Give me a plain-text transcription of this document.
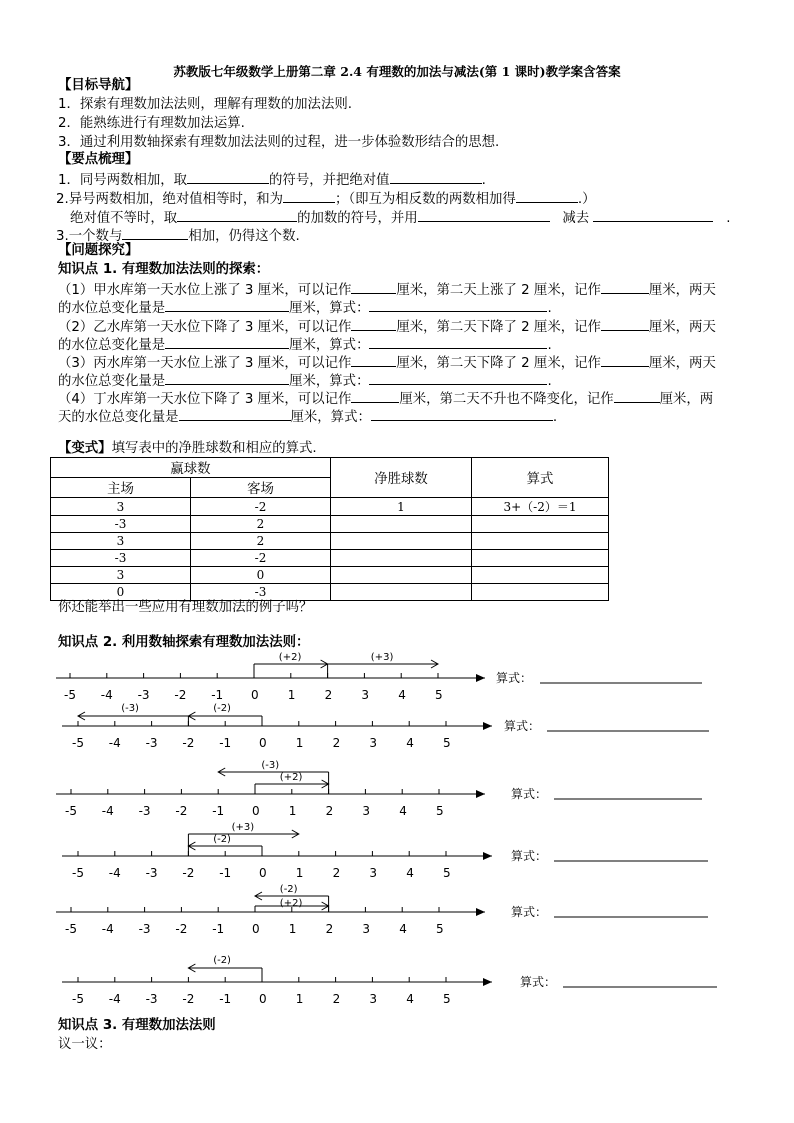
苏教版七年级数学上册第二章 2.4 有理数的加法与减法(第 1 课时)教学案含答案
【目标导航】
1．探索有理数加法法则，理解有理数的加法法则.
2．能熟练进行有理数加法运算.
3．通过利用数轴探索有理数加法法则的过程，进一步体验数形结合的思想.
【要点梳理】
1．同号两数相加，取	的符号，并把绝对值	.
2.异号两数相加，绝对值相等时，和为	；（即互为相反数的两数相加得	.）
绝对值不等时，取	的加数的符号，并用	减去	.
3.一个数与	相加，仍得这个数.
【问题探究】
知识点 1. 有理数加法法则的探索：
（1）甲水库第一天水位上涨了 3 厘米，可以记作	厘米，第二天上涨了 2 厘米，记作	厘米，两天
的水位总变化量是	厘米，算式：	.
（2）乙水库第一天水位下降了 3 厘米，可以记作	厘米，第二天下降了 2 厘米，记作	厘米，两天
的水位总变化量是	厘米，算式：	.
（3）丙水库第一天水位上涨了 3 厘米，可以记作	厘米，第二天下降了 2 厘米，记作	厘米，两天
的水位总变化量是	厘米，算式：	.
（4）丁水库第一天水位下降了 3 厘米，可以记作	厘米，第二天不升也不降变化，记作	厘米，两
天的水位总变化量是	厘米，算式：	.
【变式】填写表中的净胜球数和相应的算式.
赢球数		净胜球数	算式
主场	客场		
3	-2	1	3+（-2）＝1
-3	2		
3	2		
-3	-2		
3	0		
0	-3		
你还能举出一些应用有理数加法的例子吗？
知识点 2. 利用数轴探索有理数加法法则：
-5 -4 -3 -2 -1 0 1 2 3 4 5
(+2)	(+3)
算式：
-5 -4 -3 -2 -1 0 1 2 3 4 5
(-3)	(-2)
算式：
-5 -4 -3 -2 -1 0 1 2 3 4 5
(-3)
(+2)
算式：
-5 -4 -3 -2 -1 0 1 2 3 4 5
(+3)
(-2)
算式：
-5 -4 -3 -2 -1 0 1 2 3 4 5
(-2)
(+2)
算式：
-5 -4 -3 -2 -1 0 1 2 3 4 5
(-2)
算式：
知识点 3. 有理数加法法则
议一议：
